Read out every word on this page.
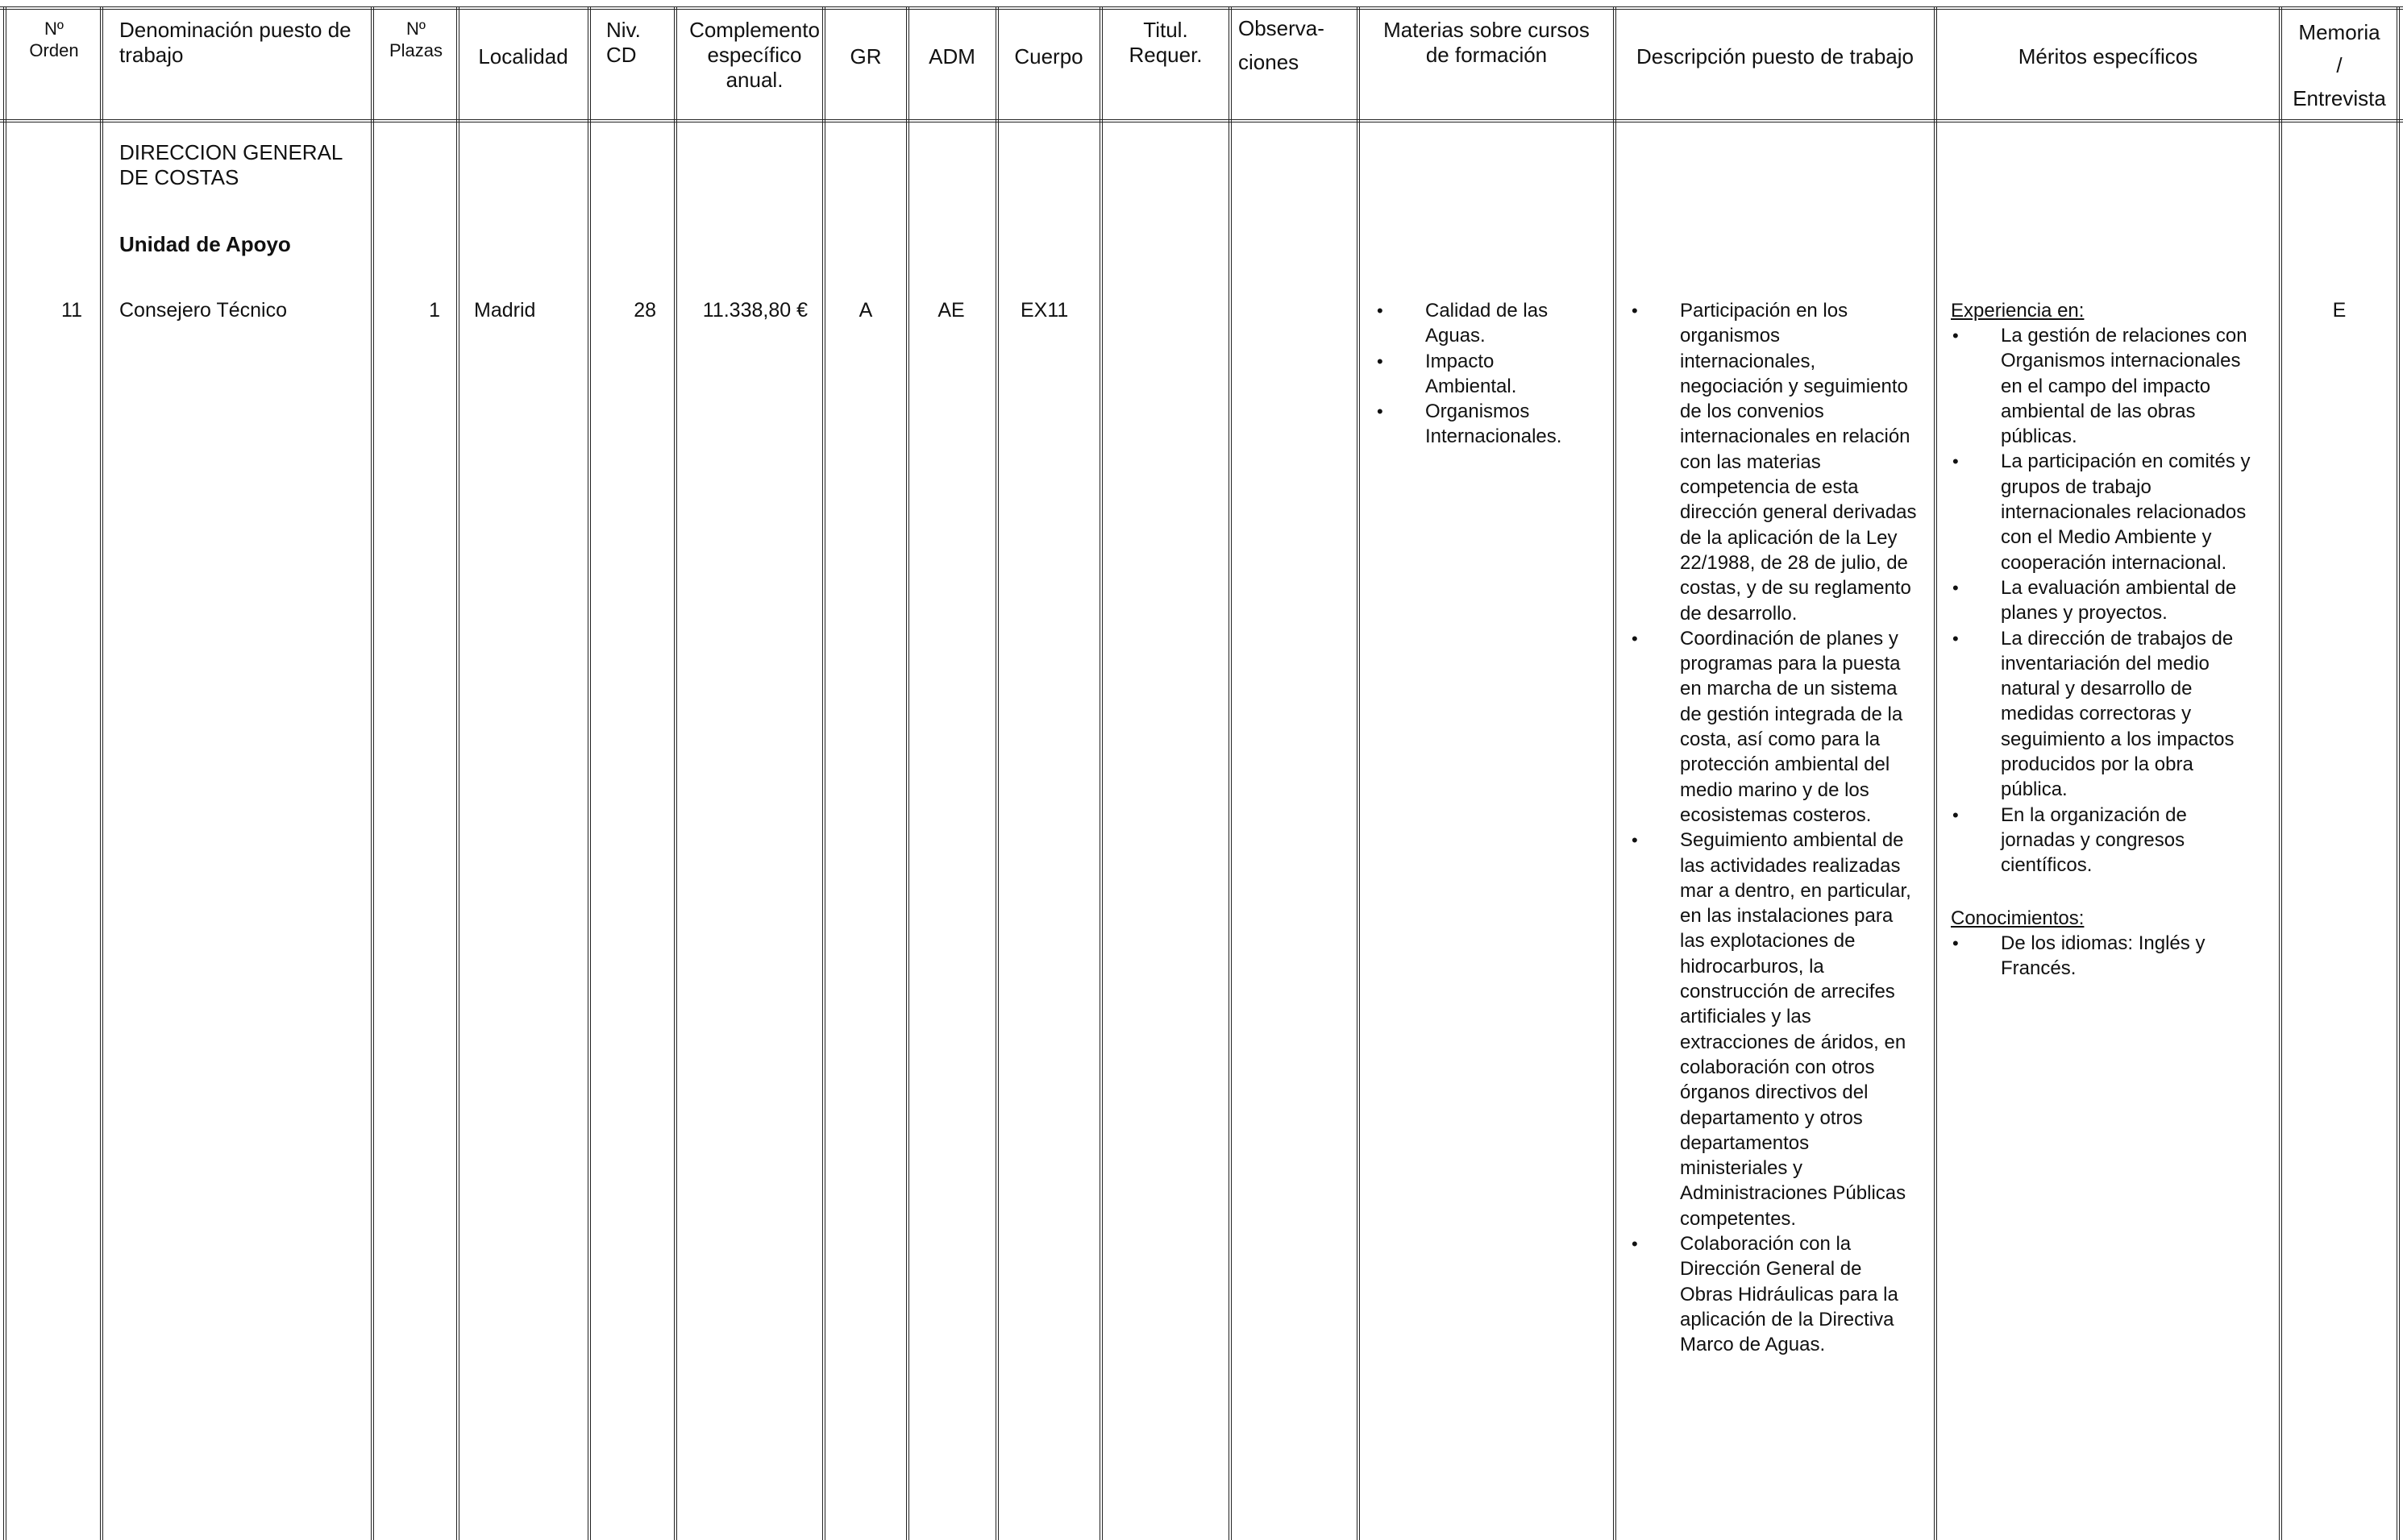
Nº
Orden
Denominación puesto de
trabajo
Nº
Plazas	Localidad
Niv.
CD
Complemento
específico
anual.
GR	ADM	Cuerpo
Titul.
Requer.
Observa-
ciones
Materias sobre cursos
de formación	Descripción puesto de trabajo	Méritos específicos
Memoria
/
Entrevista
DIRECCION GENERAL
DE COSTAS
Unidad de Apoyo
11 Consejero Técnico	1 Madrid	28	11.338,80 €	A	AE	EX11
•	Calidad de las Aguas.
• Impacto Ambiental.
• Organismos Internacionales.
• Participación en los organismos internacionales, negociación y seguimiento de los convenios internacionales en relación con las materias competencia de esta dirección general derivadas de la aplicación de la Ley 22/1988, de 28 de julio, de costas, y de su reglamento de desarrollo.
• Coordinación de planes y programas para la puesta en marcha de un sistema de gestión integrada de la costa, así como para la protección ambiental del medio marino y de los ecosistemas costeros.
• Seguimiento ambiental de las actividades realizadas mar a dentro, en particular, en las instalaciones para las explotaciones de hidrocarburos, la construcción de arrecifes artificiales y las extracciones de áridos, en colaboración con otros órganos directivos del departamento y otros departamentos ministeriales y Administraciones Públicas competentes.
• Colaboración con la Dirección General de Obras Hidráulicas para la aplicación de la Directiva Marco de Aguas.
Experiencia en:
• La gestión de relaciones con Organismos internacionales en el campo del impacto ambiental de las obras públicas.
• La participación en comités y grupos de trabajo internacionales relacionados con el Medio Ambiente y cooperación internacional.
• La evaluación ambiental de planes y proyectos.
• La dirección de trabajos de inventariación del medio natural y desarrollo de medidas correctoras y seguimiento a los impactos producidos por la obra pública.
• En la organización de jornadas y congresos científicos.
Conocimientos:
• De los idiomas: Inglés y Francés.
E
